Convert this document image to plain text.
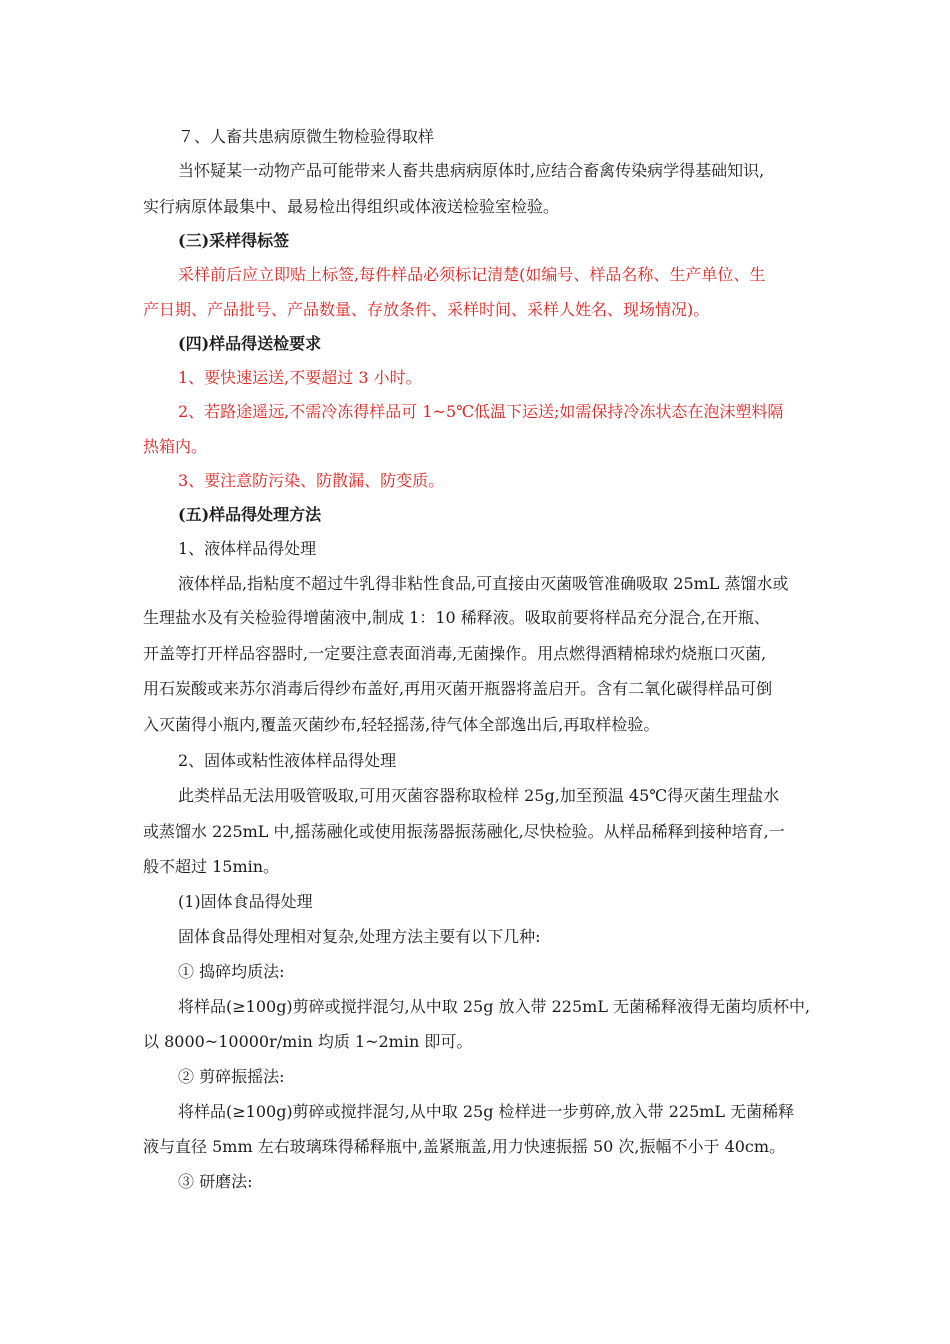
７、人畜共患病原微生物检验得取样
当怀疑某一动物产品可能带来人畜共患病病原体时,应结合畜禽传染病学得基础知识,
实行病原体最集中、最易检出得组织或体液送检验室检验。
(三)采样得标签
采样前后应立即贴上标签,每件样品必须标记清楚(如编号、样品名称、生产单位、生
产日期、产品批号、产品数量、存放条件、采样时间、采样人姓名、现场情况)。
(四)样品得送检要求
1、要快速运送,不要超过 3 小时。
2、若路途遥远,不需冷冻得样品可 1~5℃低温下运送;如需保持冷冻状态在泡沫塑料隔
热箱内。
3、要注意防污染、防散漏、防变质。
(五)样品得处理方法
1、液体样品得处理
液体样品,指粘度不超过牛乳得非粘性食品,可直接由灭菌吸管准确吸取 25mL 蒸馏水或
生理盐水及有关检验得增菌液中,制成 1：10 稀释液。吸取前要将样品充分混合,在开瓶、
开盖等打开样品容器时,一定要注意表面消毒,无菌操作。用点燃得酒精棉球灼烧瓶口灭菌,
用石炭酸或来苏尔消毒后得纱布盖好,再用灭菌开瓶器将盖启开。含有二氧化碳得样品可倒
入灭菌得小瓶内,覆盖灭菌纱布,轻轻摇荡,待气体全部逸出后,再取样检验。
2、固体或粘性液体样品得处理
此类样品无法用吸管吸取,可用灭菌容器称取检样 25g,加至预温 45℃得灭菌生理盐水
或蒸馏水 225mL 中,摇荡融化或使用振荡器振荡融化,尽快检验。从样品稀释到接种培育,一
般不超过 15min。
(1)固体食品得处理
固体食品得处理相对复杂,处理方法主要有以下几种:
① 捣碎均质法:
将样品(≥100g)剪碎或搅拌混匀,从中取 25g 放入带 225mL 无菌稀释液得无菌均质杯中,
以 8000~10000r/min 均质 1~2min 即可。
② 剪碎振摇法:
将样品(≥100g)剪碎或搅拌混匀,从中取 25g 检样进一步剪碎,放入带 225mL 无菌稀释
液与直径 5mm 左右玻璃珠得稀释瓶中,盖紧瓶盖,用力快速振摇 50 次,振幅不小于 40cm。
③ 研磨法:
